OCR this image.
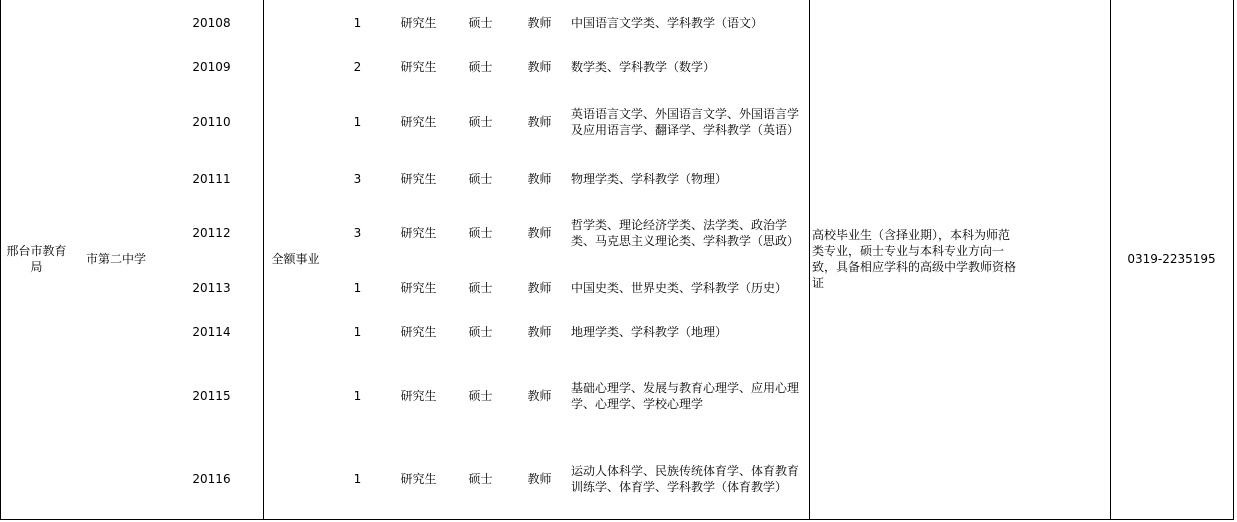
邢台市教育局
市第二中学	全额事业
高校毕业生（含择业期），本科为师范类专业，硕士专业与本科专业方向一致，具备相应学科的高级中学教师资格证
0319-2235195
20108	1	研究生	硕士	教师 中国语言文学类、学科教学（语文）
20109	2	研究生	硕士	教师 数学类、学科教学（数学）
20110	1	研究生	硕士	教师
英语语言文学、外国语言文学、外国语言学及应用语言学、翻译学、学科教学（英语）
20111	3	研究生	硕士	教师 物理学类、学科教学（物理）
20112	3	研究生	硕士	教师
哲学类、理论经济学类、法学类、政治学类、马克思主义理论类、学科教学（思政）
20113	1	研究生	硕士	教师 中国史类、世界史类、学科教学（历史）
20114	1	研究生	硕士	教师 地理学类、学科教学（地理）
20115	1	研究生	硕士	教师
基础心理学、发展与教育心理学、应用心理学、心理学、学校心理学
20116	1	研究生	硕士	教师
运动人体科学、民族传统体育学、体育教育训练学、体育学、学科教学（体育教学）
